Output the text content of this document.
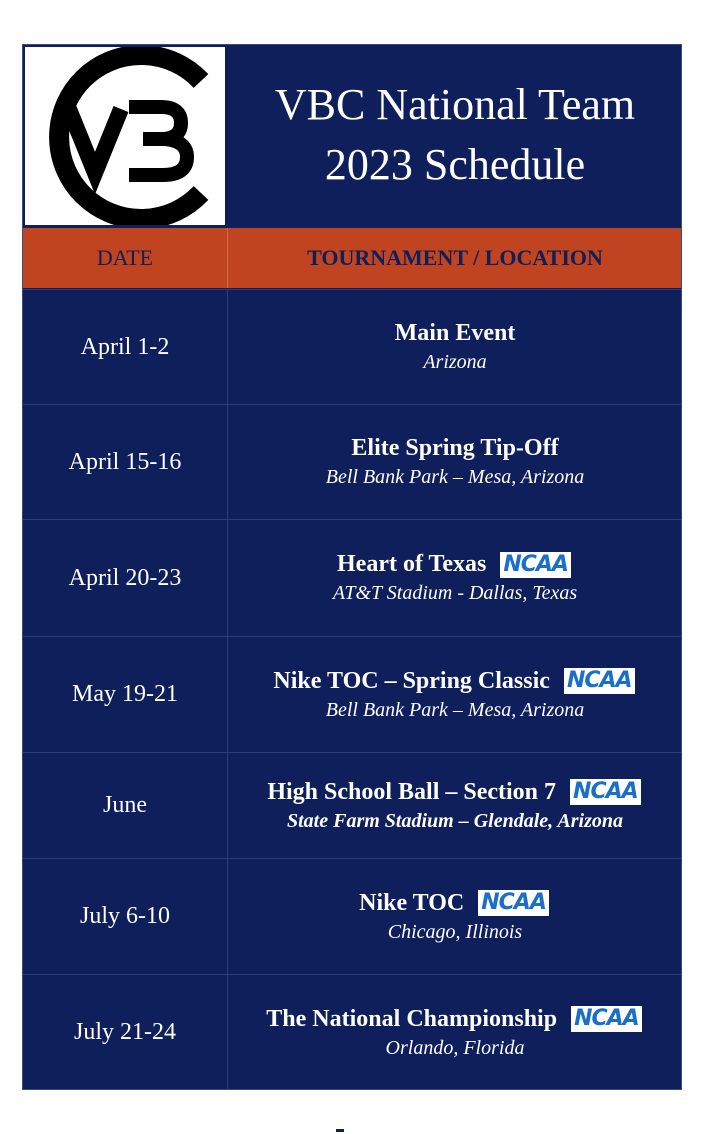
VBC National Team
2023 Schedule
DATE	TOURNAMENT / LOCATION
April 1-2
Main Event
Arizona
April 15-16
Elite Spring Tip-Off
Bell Bank Park – Mesa, Arizona
April 20-23
Heart of Texas NCAA
AT&T Stadium - Dallas, Texas
May 19-21
Nike TOC – Spring Classic NCAA
Bell Bank Park – Mesa, Arizona
June
High School Ball – Section 7 NCAA
State Farm Stadium – Glendale, Arizona
July 6-10
Nike TOC NCAA
Chicago, Illinois
July 21-24
The National Championship NCAA
Orlando, Florida
